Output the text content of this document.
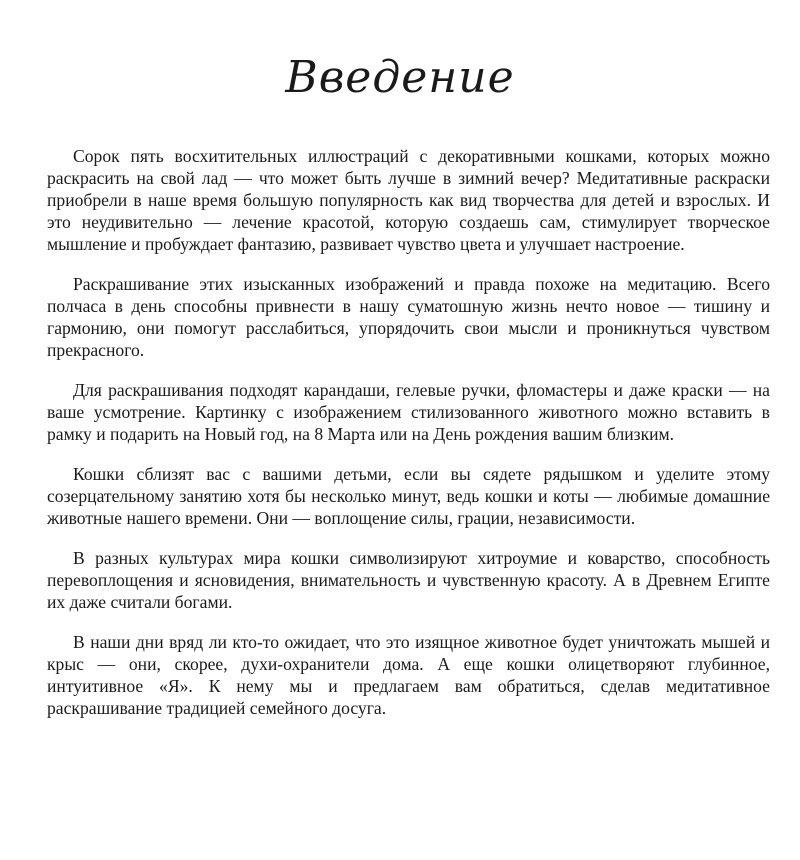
Введение

Сорок пять восхитительных иллюстраций с декоративными кошками, которых можно раскрасить на свой лад — что может быть лучше в зимний вечер? Медитативные раскраски приобрели в наше время большую популярность как вид творчества для детей и взрослых. И это неудивительно — лечение красотой, которую создаешь сам, стимулирует творческое мышление и пробуждает фантазию, развивает чувство цвета и улучшает настроение.

Раскрашивание этих изысканных изображений и правда похоже на медитацию. Всего полчаса в день способны привнести в нашу суматошную жизнь нечто новое — тишину и гармонию, они помогут расслабиться, упорядочить свои мысли и проникнуться чувством прекрасного.

Для раскрашивания подходят карандаши, гелевые ручки, фломастеры и даже краски — на ваше усмотрение. Картинку с изображением стилизованного животного можно вставить в рамку и подарить на Новый год, на 8 Марта или на День рождения вашим близким.

Кошки сблизят вас с вашими детьми, если вы сядете рядышком и уделите этому созерцательному занятию хотя бы несколько минут, ведь кошки и коты — любимые домашние животные нашего времени. Они — воплощение силы, грации, независимости.

В разных культурах мира кошки символизируют хитроумие и коварство, способность перевоплощения и ясновидения, внимательность и чувственную красоту. А в Древнем Египте их даже считали богами.

В наши дни вряд ли кто-то ожидает, что это изящное животное будет уничтожать мышей и крыс — они, скорее, духи-охранители дома. А еще кошки олицетворяют глубинное, интуитивное «Я». К нему мы и предлагаем вам обратиться, сделав медитативное раскрашивание традицией семейного досуга.
